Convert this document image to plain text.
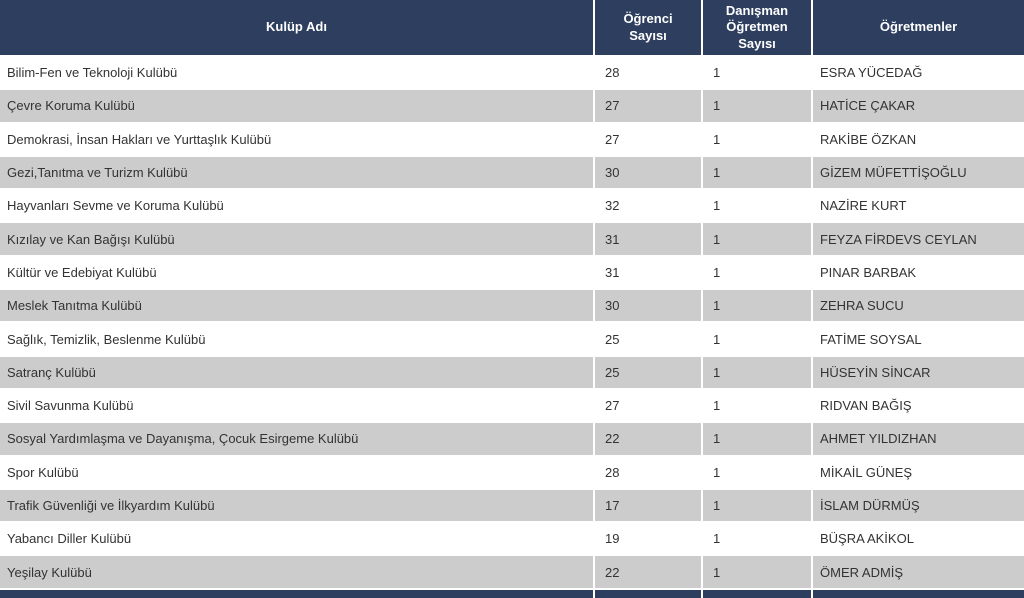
Kulüp Adı	Öğrenci Sayısı	Danışman Öğretmen Sayısı	Öğretmenler
Bilim-Fen ve Teknoloji Kulübü	28	1	ESRA YÜCEDAĞ
Çevre Koruma Kulübü	27	1	HATİCE ÇAKAR
Demokrasi, İnsan Hakları ve Yurttaşlık Kulübü	27	1	RAKİBE ÖZKAN
Gezi,Tanıtma ve Turizm Kulübü	30	1	GİZEM MÜFETTİŞOĞLU
Hayvanları Sevme ve Koruma Kulübü	32	1	NAZİRE KURT
Kızılay ve Kan Bağışı Kulübü	31	1	FEYZA FİRDEVS CEYLAN
Kültür ve Edebiyat Kulübü	31	1	PINAR BARBAK
Meslek Tanıtma Kulübü	30	1	ZEHRA SUCU
Sağlık, Temizlik, Beslenme Kulübü	25	1	FATİME SOYSAL
Satranç Kulübü	25	1	HÜSEYİN SİNCAR
Sivil Savunma Kulübü	27	1	RIDVAN BAĞIŞ
Sosyal Yardımlaşma ve Dayanışma, Çocuk Esirgeme Kulübü	22	1	AHMET YILDIZHAN
Spor Kulübü	28	1	MİKAİL GÜNEŞ
Trafik Güvenliği ve İlkyardım Kulübü	17	1	İSLAM DÜRMÜŞ
Yabancı Diller Kulübü	19	1	BÜŞRA AKİKOL
Yeşilay Kulübü	22	1	ÖMER ADMİŞ
